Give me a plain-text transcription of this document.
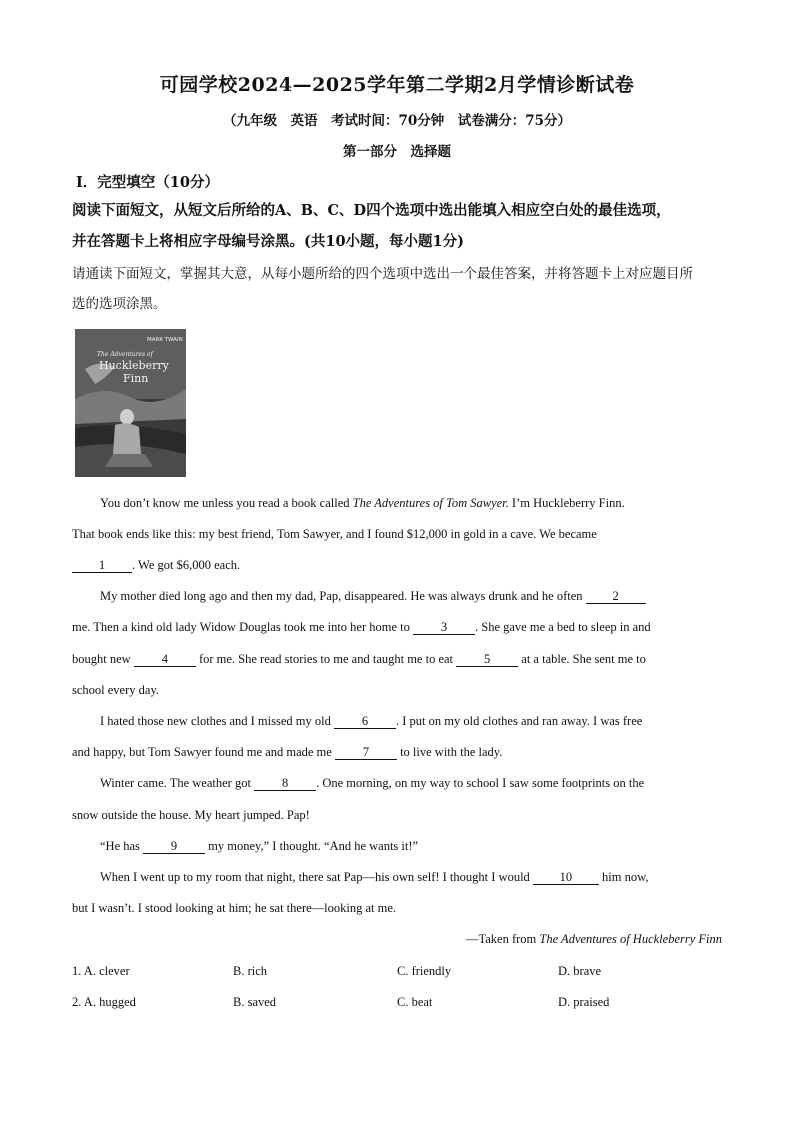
可园学校2024—2025学年第二学期2月学情诊断试卷
（九年级　英语　考试时间：70分钟　试卷满分：75分）
第一部分　选择题
Ⅰ．完型填空（10分）
阅读下面短文，从短文后所给的A、B、C、D四个选项中选出能填入相应空白处的最佳选项，
并在答题卡上将相应字母编号涂黑。(共10小题，每小题1分)
请通读下面短文，掌握其大意，从每小题所给的四个选项中选出一个最佳答案，并将答题卡上对应题目所
选的选项涂黑。
MARK TWAIN
The Adventures of
Huckleberry
Finn
You don’t know me unless you read a book called The Adventures of Tom Sawyer. I’m Huckleberry Finn.
That book ends like this: my best friend, Tom Sawyer, and I found $12,000 in gold in a cave. We became
1 . We got $6,000 each.
My mother died long ago and then my dad, Pap, disappeared. He was always drunk and he often 2
me. Then a kind old lady Widow Douglas took me into her home to 3 . She gave me a bed to sleep in and
bought new 4 for me. She read stories to me and taught me to eat 5 at a table. She sent me to
school every day.
I hated those new clothes and I missed my old 6 . I put on my old clothes and ran away. I was free
and happy, but Tom Sawyer found me and made me 7 to live with the lady.
Winter came. The weather got 8 . One morning, on my way to school I saw some footprints on the
snow outside the house. My heart jumped. Pap!
“He has 9 my money,” I thought. “And he wants it!”
When I went up to my room that night, there sat Pap—his own self! I thought I would 10 him now,
but I wasn’t. I stood looking at him; he sat there—looking at me.
—Taken from The Adventures of Huckleberry Finn
1. A. clever	B. rich	C. friendly	D. brave
2. A. hugged	B. saved	C. beat	D. praised
